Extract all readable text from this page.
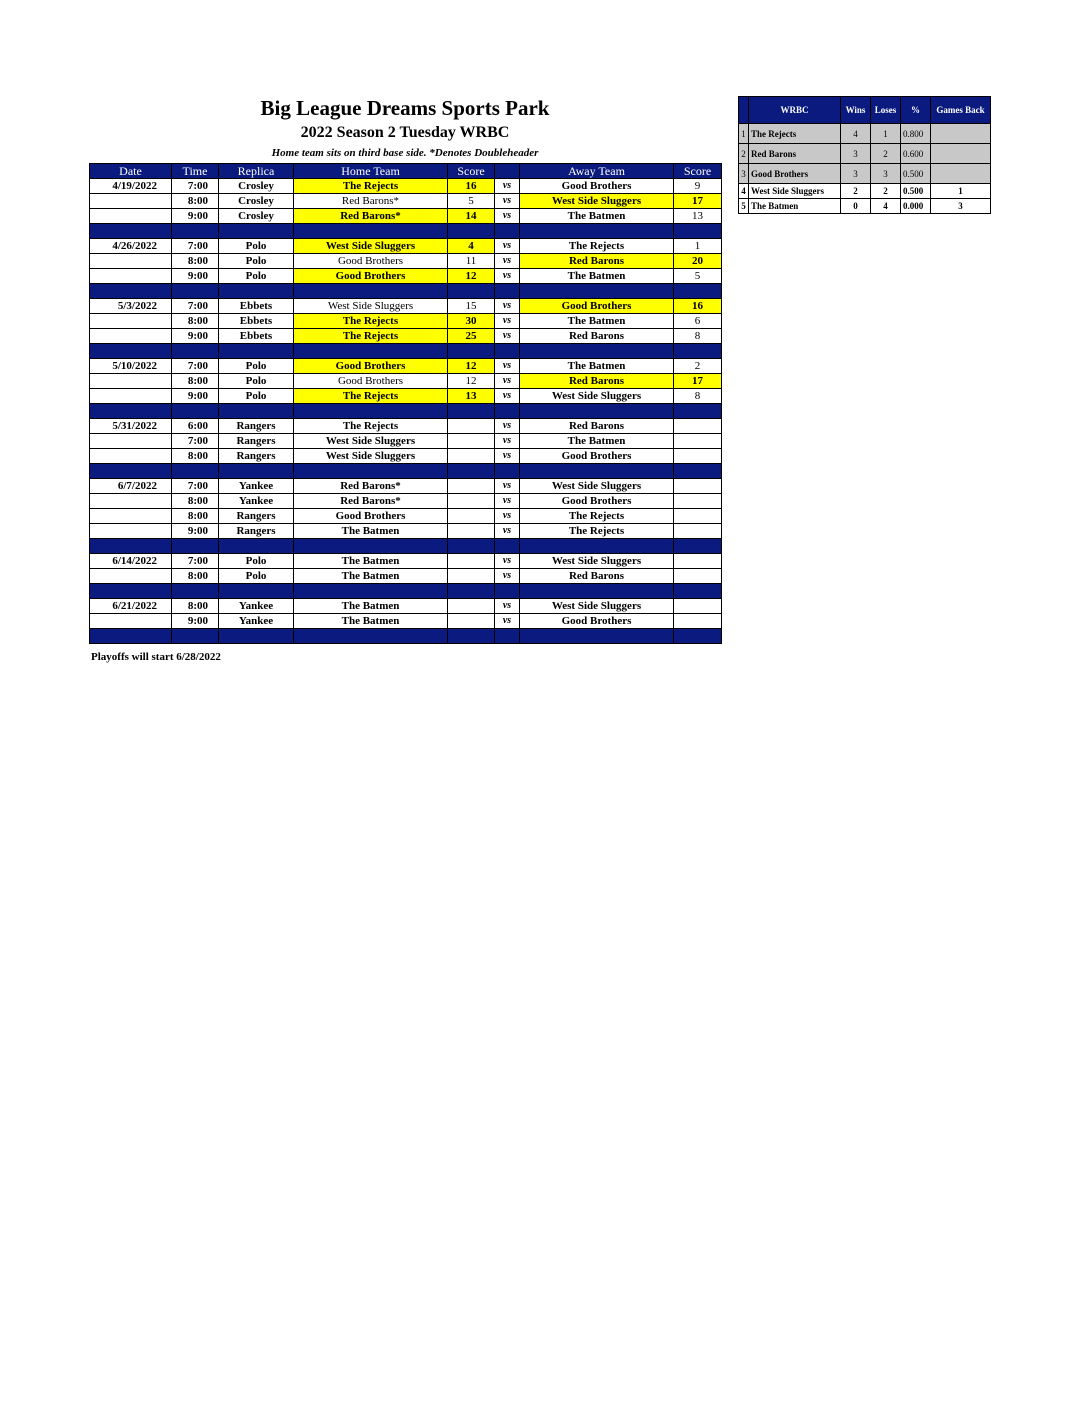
Big League Dreams Sports Park
2022 Season 2 Tuesday WRBC
Home team sits on third base side. *Denotes Doubleheader
Date	Time	Replica	Home Team	Score		Away Team	Score
4/19/2022	7:00	Crosley	The Rejects	16	vs	Good Brothers	9
	8:00	Crosley	Red Barons*	5	vs	West Side Sluggers	17
	9:00	Crosley	Red Barons*	14	vs	The Batmen	13

4/26/2022	7:00	Polo	West Side Sluggers	4	vs	The Rejects	1
	8:00	Polo	Good Brothers	11	vs	Red Barons	20
	9:00	Polo	Good Brothers	12	vs	The Batmen	5

5/3/2022	7:00	Ebbets	West Side Sluggers	15	vs	Good Brothers	16
	8:00	Ebbets	The Rejects	30	vs	The Batmen	6
	9:00	Ebbets	The Rejects	25	vs	Red Barons	8

5/10/2022	7:00	Polo	Good Brothers	12	vs	The Batmen	2
	8:00	Polo	Good Brothers	12	vs	Red Barons	17
	9:00	Polo	The Rejects	13	vs	West Side Sluggers	8

5/31/2022	6:00	Rangers	The Rejects		vs	Red Barons	
	7:00	Rangers	West Side Sluggers		vs	The Batmen	
	8:00	Rangers	West Side Sluggers		vs	Good Brothers	

6/7/2022	7:00	Yankee	Red Barons*		vs	West Side Sluggers	
	8:00	Yankee	Red Barons*		vs	Good Brothers	
	8:00	Rangers	Good Brothers		vs	The Rejects	
	9:00	Rangers	The Batmen		vs	The Rejects	

6/14/2022	7:00	Polo	The Batmen		vs	West Side Sluggers	
	8:00	Polo	The Batmen		vs	Red Barons	

6/21/2022	8:00	Yankee	The Batmen		vs	West Side Sluggers	
	9:00	Yankee	The Batmen		vs	Good Brothers	

Playoffs will start 6/28/2022
	WRBC	Wins	Loses	%	Games Back
1	The Rejects	4	1	0.800	
2	Red Barons	3	2	0.600	
3	Good Brothers	3	3	0.500	
4	West Side Sluggers	2	2	0.500	1
5	The Batmen	0	4	0.000	3
